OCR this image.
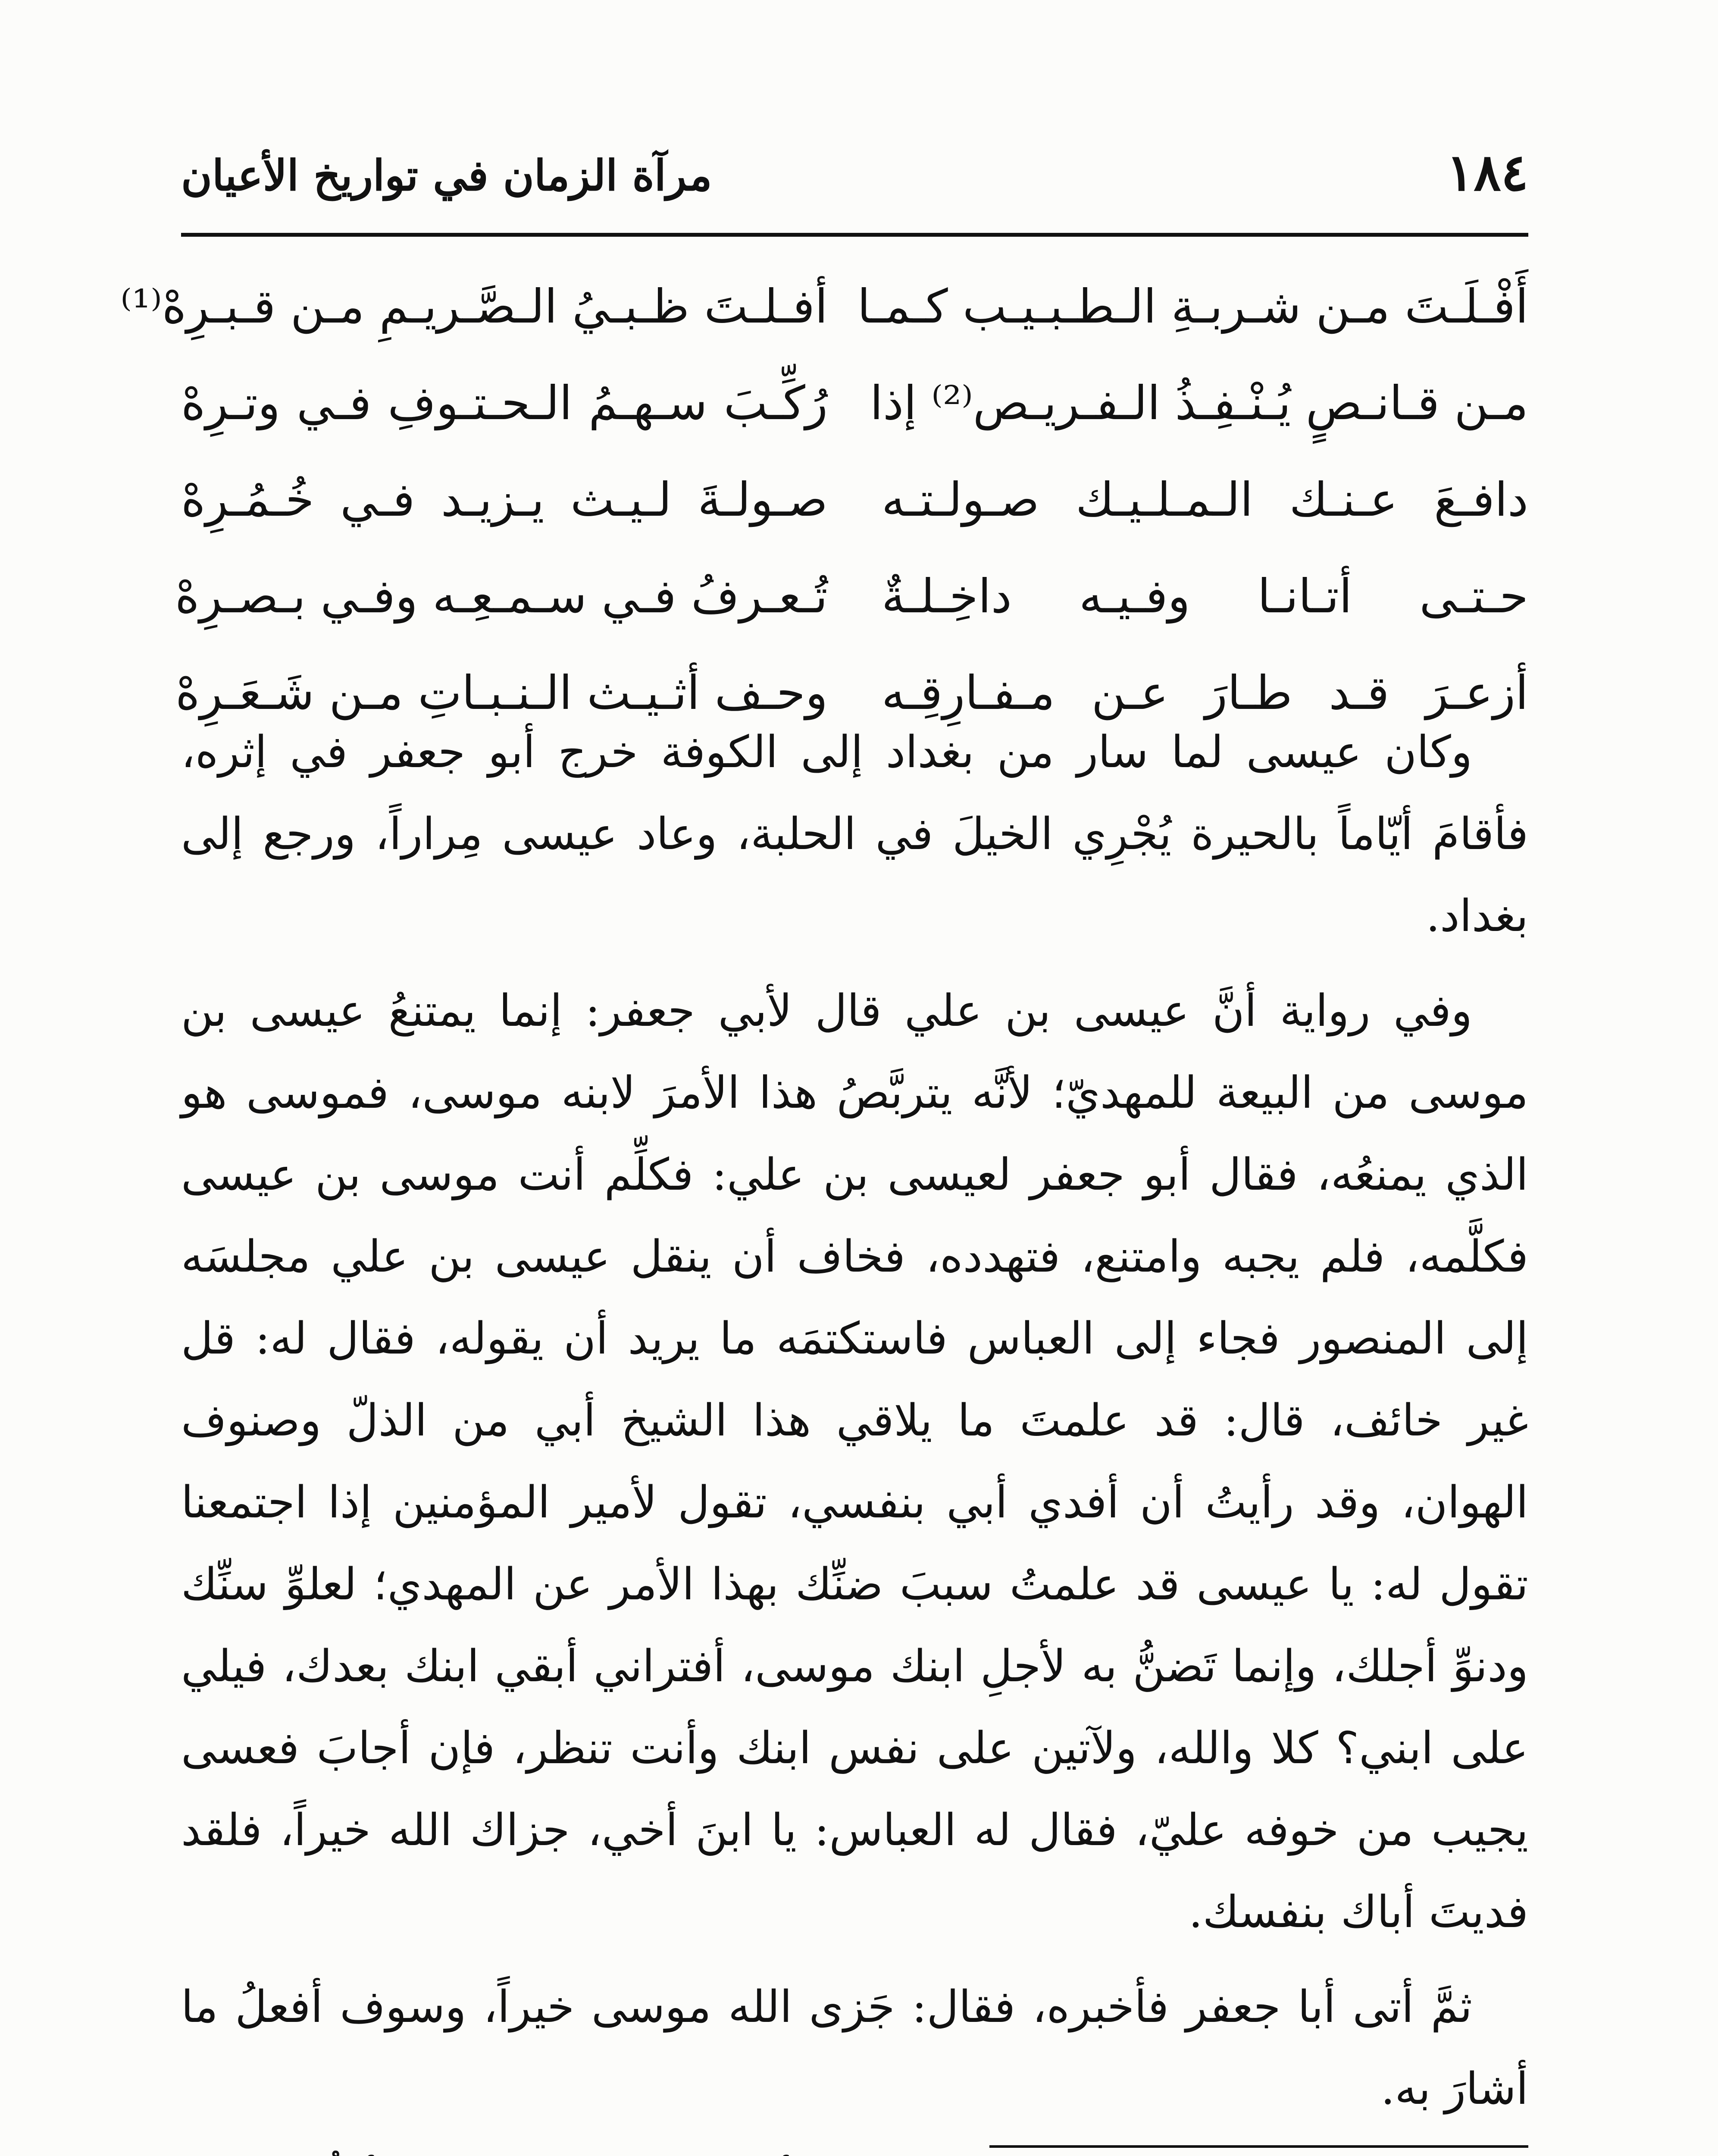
١٨٤
مرآة الزمان في تواريخ الأعيان
أَفْـلَـتَ مـن شـربـةِ الـطـبـيـب كـمـا
أفـلـتَ ظـبـيُ الـصَّـريـمِ مـن قـبـرِهْ⁽¹⁾
مـن قـانـصٍ يُـنْـفِـذُ الـفـريـص⁽²⁾ إذا
رُكِّـبَ سـهـمُ الـحـتـوفِ فـي وتـرِهْ
دافـعَ عـنـك الـمـلـيـك صـولـتـه
صـولـةَ لـيـث يـزيـد فـي خُـمُـرِهْ
حـتـى أتـانـا وفـيـه داخِـلـةٌ
تُـعـرفُ فـي سـمـعِـه وفـي بـصـرِهْ
أزعـرَ قـد طـارَ عـن مـفـارِقِـه
وحـف أثـيـث الـنـبـاتِ مـن شَـعَـرِهْ

وكان عيسى لما سار من بغداد إلى الكوفة خرج أبو جعفر في إثره، فأقامَ أيّاماً بالحيرة يُجْرِي الخيلَ في الحلبة، وعاد عيسى مِراراً، ورجع إلى بغداد.

وفي رواية أنَّ عيسى بن علي قال لأبي جعفر: إنما يمتنعُ عيسى بن موسى من البيعة للمهديّ؛ لأنَّه يتربَّصُ هذا الأمرَ لابنه موسى، فموسى هو الذي يمنعُه، فقال أبو جعفر لعيسى بن علي: فكلِّم أنت موسى بن عيسى فكلَّمه، فلم يجبه وامتنع، فتهدده، فخاف أن ينقل عيسى بن علي مجلسَه إلى المنصور فجاء إلى العباس فاستكتمَه ما يريد أن يقوله، فقال له: قل غير خائف، قال: قد علمتَ ما يلاقي هذا الشيخ أبي من الذلّ وصنوف الهوان، وقد رأيتُ أن أفدي أبي بنفسي، تقول لأمير المؤمنين إذا اجتمعنا تقول له: يا عيسى قد علمتُ سببَ ضنِّك بهذا الأمر عن المهدي؛ لعلوِّ سنِّك ودنوِّ أجلك، وإنما تَضنُّ به لأجلِ ابنك موسى، أفتراني أبقي ابنك بعدك، فيلي على ابني؟ كلا والله، ولآتين على نفس ابنك وأنت تنظر، فإن أجابَ فعسى يجيب من خوفه عليّ، فقال له العباس: يا ابنَ أخي، جزاك الله خيراً، فلقد فديتَ أباك بنفسك.

ثمَّ أتى أبا جعفر فأخبره، فقال: جَزى الله موسى خيراً، وسوف أفعلُ ما أشارَ به.
